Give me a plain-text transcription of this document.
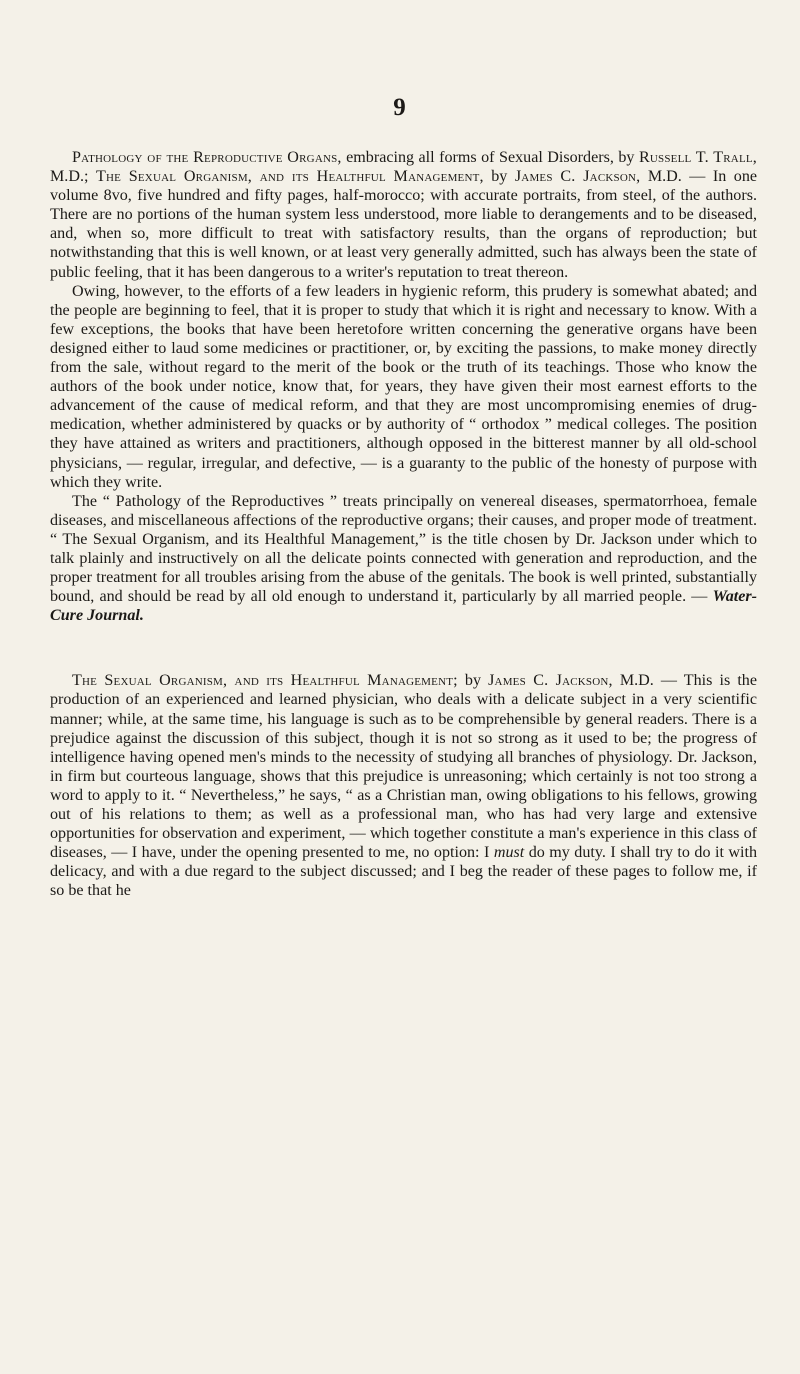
9

Pathology of the Reproductive Organs, embracing all forms of Sexual Disorders, by Russell T. Trall, M.D.; The Sexual Organism, and its Healthful Management, by James C. Jackson, M.D. — In one volume 8vo, five hundred and fifty pages, half-morocco; with accurate portraits, from steel, of the authors. There are no portions of the human system less understood, more liable to derangements and to be diseased, and, when so, more difficult to treat with satisfactory results, than the organs of reproduction; but notwithstanding that this is well known, or at least very generally admitted, such has always been the state of public feeling, that it has been dangerous to a writer's reputation to treat thereon.

Owing, however, to the efforts of a few leaders in hygienic reform, this prudery is somewhat abated; and the people are beginning to feel, that it is proper to study that which it is right and necessary to know. With a few exceptions, the books that have been heretofore written concerning the generative organs have been designed either to laud some medicines or practitioner, or, by exciting the passions, to make money directly from the sale, without regard to the merit of the book or the truth of its teachings. Those who know the authors of the book under notice, know that, for years, they have given their most earnest efforts to the advancement of the cause of medical reform, and that they are most uncompromising enemies of drug-medication, whether administered by quacks or by authority of “ orthodox ” medical colleges. The position they have attained as writers and practitioners, although opposed in the bitterest manner by all old-school physicians, — regular, irregular, and defective, — is a guaranty to the public of the honesty of purpose with which they write.

The “ Pathology of the Reproductives ” treats principally on venereal diseases, spermatorrhoea, female diseases, and miscellaneous affections of the reproductive organs; their causes, and proper mode of treatment. “ The Sexual Organism, and its Healthful Management,” is the title chosen by Dr. Jackson under which to talk plainly and instructively on all the delicate points connected with generation and reproduction, and the proper treatment for all troubles arising from the abuse of the genitals. The book is well printed, substantially bound, and should be read by all old enough to understand it, particularly by all married people. — Water-Cure Journal.

The Sexual Organism, and its Healthful Management; by James C. Jackson, M.D. — This is the production of an experienced and learned physician, who deals with a delicate subject in a very scientific manner; while, at the same time, his language is such as to be comprehensible by general readers. There is a prejudice against the discussion of this subject, though it is not so strong as it used to be; the progress of intelligence having opened men's minds to the necessity of studying all branches of physiology. Dr. Jackson, in firm but courteous language, shows that this prejudice is unreasoning; which certainly is not too strong a word to apply to it. “ Nevertheless,” he says, “ as a Christian man, owing obligations to his fellows, growing out of his relations to them; as well as a professional man, who has had very large and extensive opportunities for observation and experiment, — which together constitute a man's experience in this class of diseases, — I have, under the opening presented to me, no option: I must do my duty. I shall try to do it with delicacy, and with a due regard to the subject discussed; and I beg the reader of these pages to follow me, if so be that he
